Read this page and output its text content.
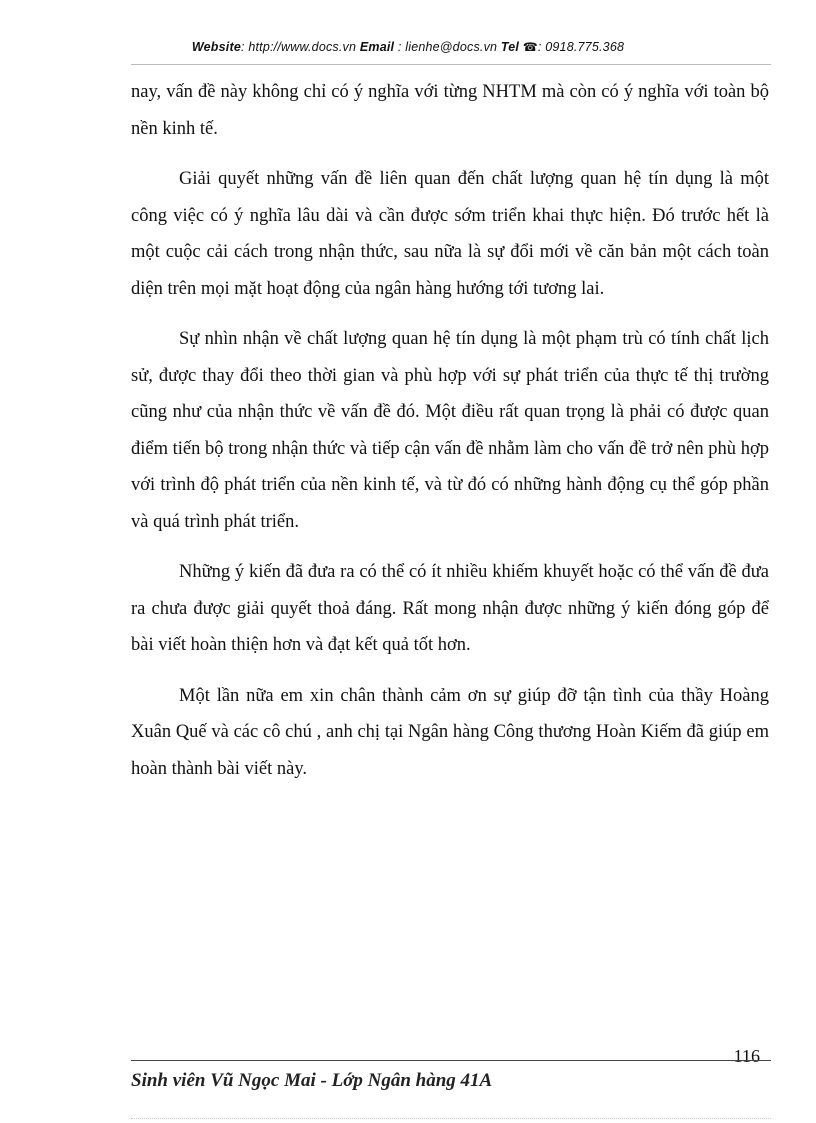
Website: http://www.docs.vn Email : lienhe@docs.vn Tel ☎: 0918.775.368

nay, vấn đề này không chỉ có ý nghĩa với từng NHTM mà còn có ý nghĩa với toàn bộ nền kinh tế.

Giải quyết những vấn đề liên quan đến chất lượng quan hệ tín dụng là một công việc có ý nghĩa lâu dài và cần được sớm triển khai thực hiện. Đó trước hết là một cuộc cải cách trong nhận thức, sau nữa là sự đổi mới về căn bản một cách toàn diện trên mọi mặt hoạt động của ngân hàng hướng tới tương lai.

Sự nhìn nhận về chất lượng quan hệ tín dụng là một phạm trù có tính chất lịch sử, được thay đổi theo thời gian và phù hợp với sự phát triển của thực tế thị trường cũng như của nhận thức về vấn đề đó. Một điều rất quan trọng là phải có được quan điểm tiến bộ trong nhận thức và tiếp cận vấn đề nhằm làm cho vấn đề trở nên phù hợp với trình độ phát triển của nền kinh tế, và từ đó có những hành động cụ thể góp phần và quá trình phát triển.

Những ý kiến đã đưa ra có thể có ít nhiều khiếm khuyết hoặc có thể vấn đề đưa ra chưa được giải quyết thoả đáng. Rất mong nhận được những ý kiến đóng góp để bài viết hoàn thiện hơn và đạt kết quả tốt hơn.

Một lần nữa em xin chân thành cảm ơn sự giúp đỡ tận tình của thầy Hoàng Xuân Quế và các cô chú , anh chị tại Ngân hàng Công thương Hoàn Kiếm đã giúp em hoàn thành bài viết này.

116
Sinh viên Vũ Ngọc Mai - Lớp Ngân hàng 41A
